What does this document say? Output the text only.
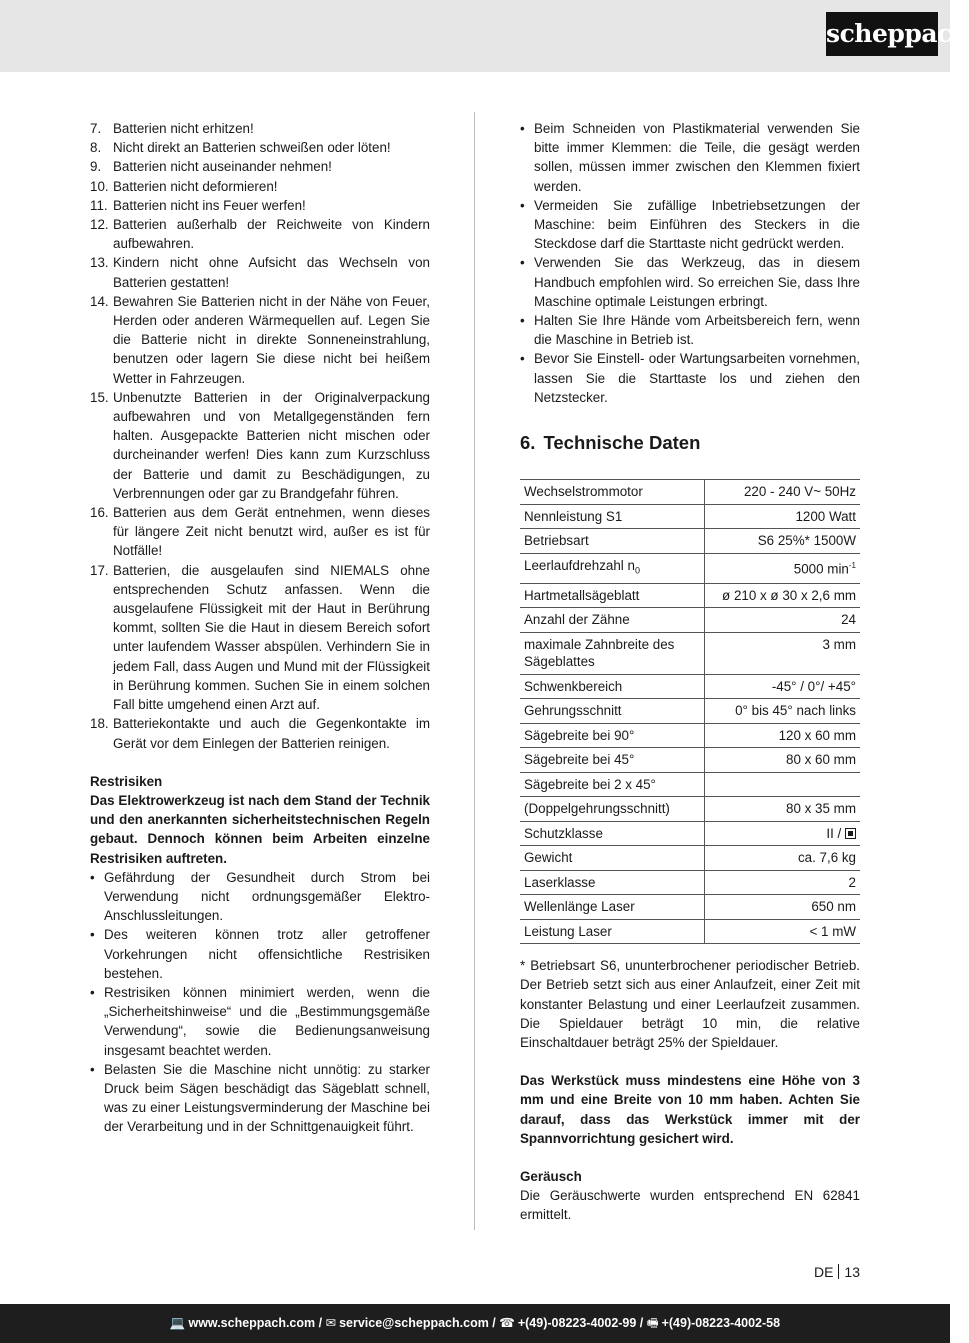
scheppach
7. Batterien nicht erhitzen!
8. Nicht direkt an Batterien schweißen oder löten!
9. Batterien nicht auseinander nehmen!
10. Batterien nicht deformieren!
11. Batterien nicht ins Feuer werfen!
12. Batterien außerhalb der Reichweite von Kindern aufbewahren.
13. Kindern nicht ohne Aufsicht das Wechseln von Batterien gestatten!
14. Bewahren Sie Batterien nicht in der Nähe von Feuer, Herden oder anderen Wärmequellen auf. Legen Sie die Batterie nicht in direkte Sonneneinstrahlung, benutzen oder lagern Sie diese nicht bei heißem Wetter in Fahrzeugen.
15. Unbenutzte Batterien in der Originalverpackung aufbewahren und von Metallgegenständen fern halten. Ausgepackte Batterien nicht mischen oder durcheinander werfen! Dies kann zum Kurzschluss der Batterie und damit zu Beschädigungen, zu Verbrennungen oder gar zu Brandgefahr führen.
16. Batterien aus dem Gerät entnehmen, wenn dieses für längere Zeit nicht benutzt wird, außer es ist für Notfälle!
17. Batterien, die ausgelaufen sind NIEMALS ohne entsprechenden Schutz anfassen. Wenn die ausgelaufene Flüssigkeit mit der Haut in Berührung kommt, sollten Sie die Haut in diesem Bereich sofort unter laufendem Wasser abspülen. Verhindern Sie in jedem Fall, dass Augen und Mund mit der Flüssigkeit in Berührung kommen. Suchen Sie in einem solchen Fall bitte umgehend einen Arzt auf.
18. Batteriekontakte und auch die Gegenkontakte im Gerät vor dem Einlegen der Batterien reinigen.
Restrisiken
Das Elektrowerkzeug ist nach dem Stand der Technik und den anerkannten sicherheitstechnischen Regeln gebaut. Dennoch können beim Arbeiten einzelne Restrisiken auftreten.
• Gefährdung der Gesundheit durch Strom bei Verwendung nicht ordnungsgemäßer Elektro-Anschlussleitungen.
• Des weiteren können trotz aller getroffener Vorkehrungen nicht offensichtliche Restrisiken bestehen.
• Restrisiken können minimiert werden, wenn die „Sicherheitshinweise“ und die „Bestimmungsgemäße Verwendung“, sowie die Bedienungsanweisung insgesamt beachtet werden.
• Belasten Sie die Maschine nicht unnötig: zu starker Druck beim Sägen beschädigt das Sägeblatt schnell, was zu einer Leistungsverminderung der Maschine bei der Verarbeitung und in der Schnittgenauigkeit führt.
• Beim Schneiden von Plastikmaterial verwenden Sie bitte immer Klemmen: die Teile, die gesägt werden sollen, müssen immer zwischen den Klemmen fixiert werden.
• Vermeiden Sie zufällige Inbetriebsetzungen der Maschine: beim Einführen des Steckers in die Steckdose darf die Starttaste nicht gedrückt werden.
• Verwenden Sie das Werkzeug, das in diesem Handbuch empfohlen wird. So erreichen Sie, dass Ihre Maschine optimale Leistungen erbringt.
• Halten Sie Ihre Hände vom Arbeitsbereich fern, wenn die Maschine in Betrieb ist.
• Bevor Sie Einstell- oder Wartungsarbeiten vornehmen, lassen Sie die Starttaste los und ziehen den Netzstecker.
6. Technische Daten
Wechselstrommotor	220 - 240 V~ 50Hz
Nennleistung S1	1200 Watt
Betriebsart	S6 25%* 1500W
Leerlaufdrehzahl $n_0$	5000 $\min^{-1}$
Hartmetallsägeblatt	ø 210 x ø 30 x 2,6 mm
Anzahl der Zähne	24
maximale Zahnbreite des Sägeblattes	3 mm
Schwenkbereich	-45° / 0°/ +45°
Gehrungsschnitt	0° bis 45° nach links
Sägebreite bei 90°	120 x 60 mm
Sägebreite bei 45°	80 x 60 mm
Sägebreite bei 2 x 45°	
(Doppelgehrungsschnitt)	80 x 35 mm
Schutzklasse	II /

Gewicht	ca. 7,6 kg
Laserklasse	2
Wellenlänge Laser	650 nm
Leistung Laser	< 1 mW
* Betriebsart S6, ununterbrochener periodischer Betrieb. Der Betrieb setzt sich aus einer Anlaufzeit, einer Zeit mit konstanter Belastung und einer Leerlaufzeit zusammen. Die Spieldauer beträgt 10 min, die relative Einschaltdauer beträgt 25% der Spieldauer.
Das Werkstück muss mindestens eine Höhe von 3 mm und eine Breite von 10 mm haben. Achten Sie darauf, dass das Werkstück immer mit der Spannvorrichtung gesichert wird.
Geräusch
Die Geräuschwerte wurden entsprechend EN 62841 ermittelt.
DE 13
💻 www.scheppach.com / ✉ service@scheppach.com / ☎ +(49)-08223-4002-99 / 🖷 +(49)-08223-4002-58
